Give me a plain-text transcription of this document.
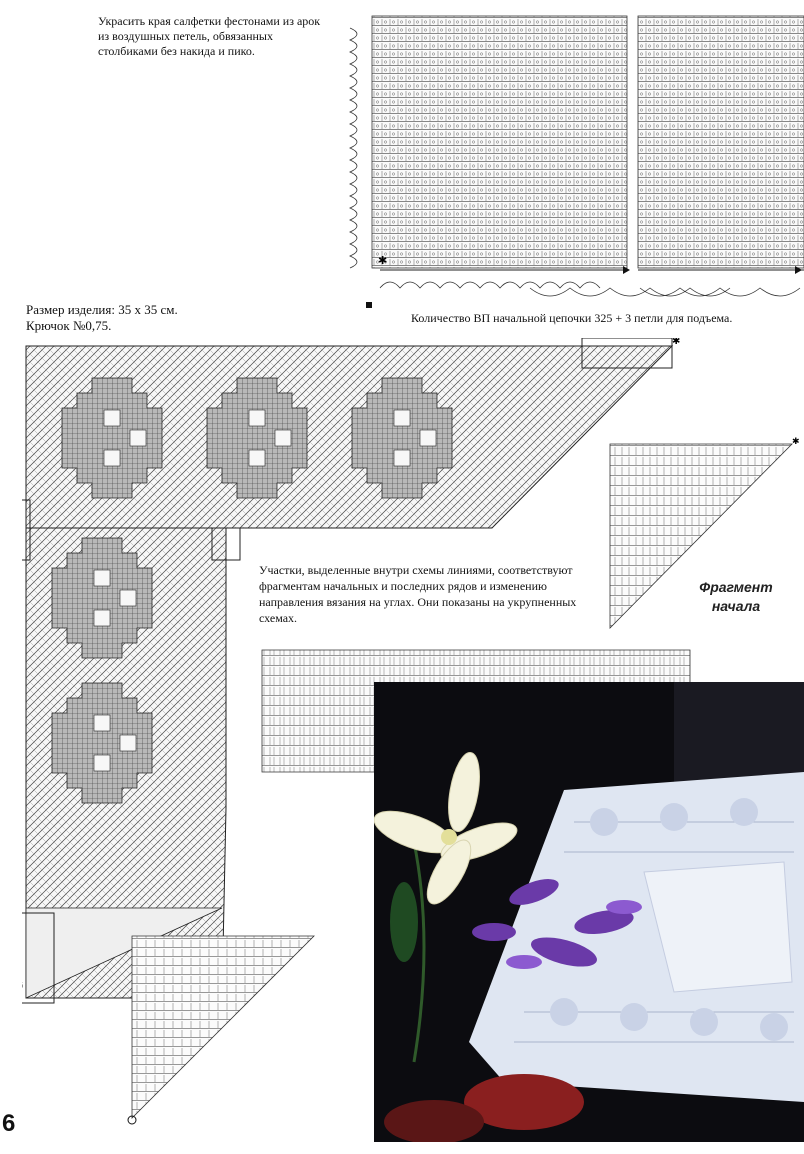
Украсить края салфетки фестонами из арок из воздушных петель, обвязанных столбиками без накида и пико.
✱
Размер изделия: 35 х 35 см.
Крючок №0,75.	Количество ВП начальной цепочки 325 + 3 петли для подъема.
✱
✱
Фрагмент
начала
Участки, выделенные внутри схемы линиями, соответствуют фрагментам начальных и последних рядов и изменению направления вязания на углах. Они показаны на укрупненных схемах.
6
